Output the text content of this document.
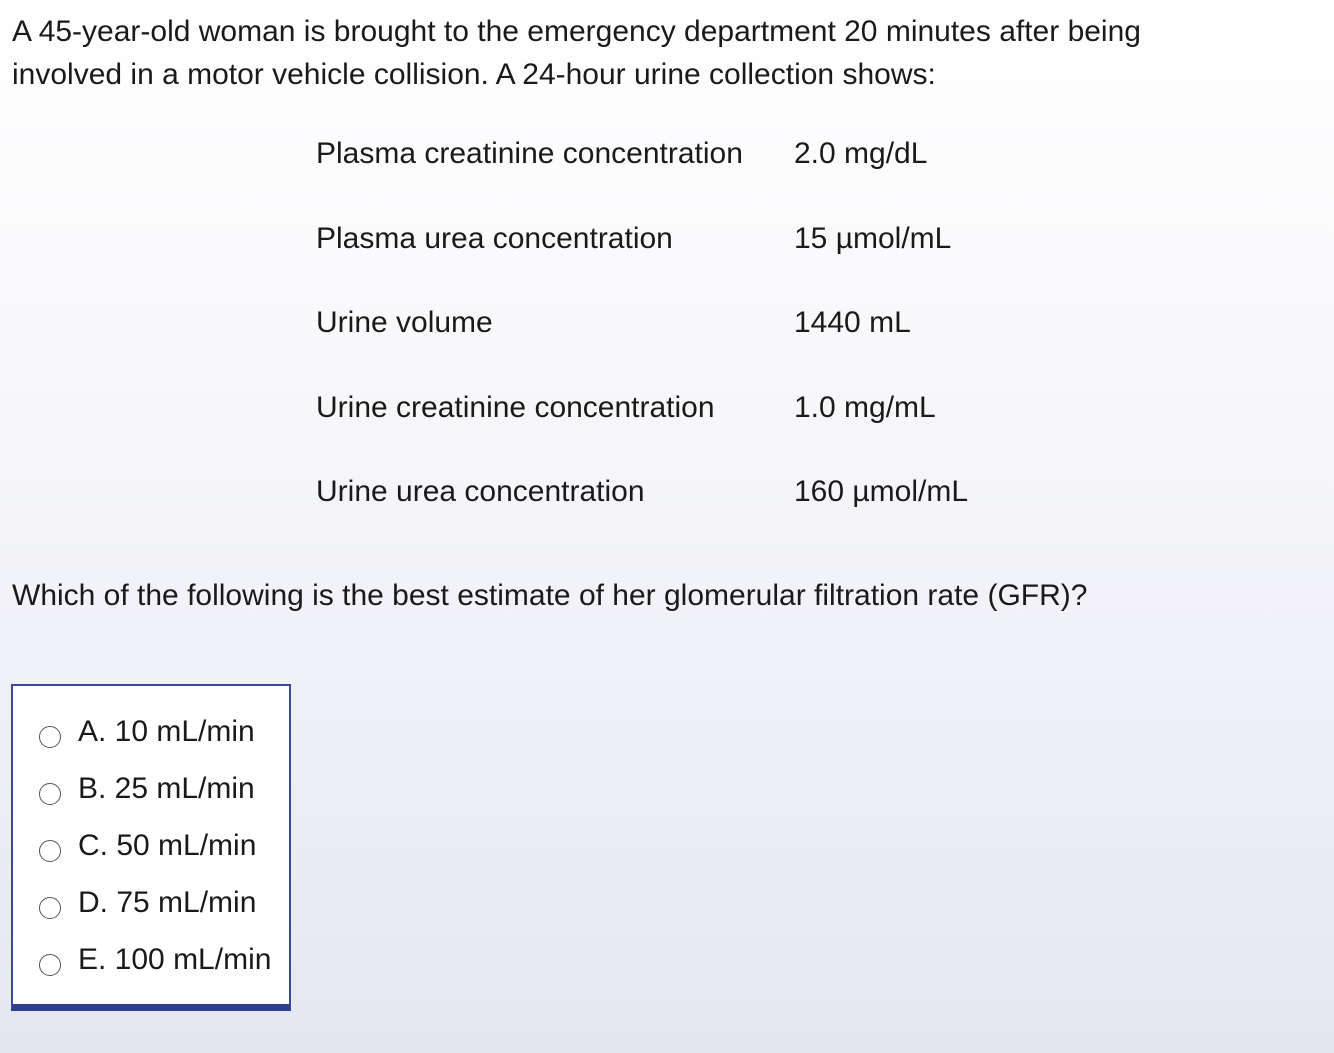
A 45-year-old woman is brought to the emergency department 20 minutes after being involved in a motor vehicle collision. A 24-hour urine collection shows:

Plasma creatinine concentration	2.0 mg/dL
Plasma urea concentration	15 µmol/mL
Urine volume	1440 mL
Urine creatinine concentration	1.0 mg/mL
Urine urea concentration	160 µmol/mL

Which of the following is the best estimate of her glomerular filtration rate (GFR)?

A. 10 mL/min
B. 25 mL/min
C. 50 mL/min
D. 75 mL/min
E. 100 mL/min
